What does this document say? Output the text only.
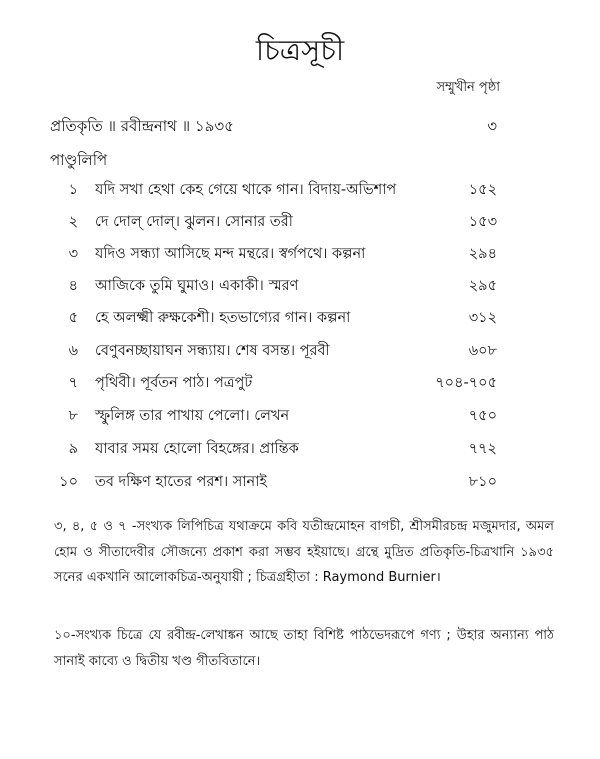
চিত্রসূচী
সম্মুখীন পৃষ্ঠা
প্রতিকৃতি ॥ রবীন্দ্রনাথ ॥ ১৯৩৫	৩
পাণ্ডুলিপি
১ যদি সখা হেথা কেহ গেয়ে থাকে গান। বিদায়-অভিশাপ	১৫২
২ দে দোল্ দোল্। ঝুলন। সোনার তরী	১৫৩
৩ যদিও সন্ধ্যা আসিছে মন্দ মন্থরে। স্বর্গপথে। কল্পনা	২৯৪
৪ আজিকে তুমি ঘুমাও। একাকী। স্মরণ	২৯৫
৫ হে অলক্ষ্মী রুক্ষকেশী। হতভাগ্যের গান। কল্পনা	৩১২
৬ বেণুবনচ্ছায়াঘন সন্ধ্যায়। শেষ বসন্ত। পূরবী	৬০৮
৭ পৃথিবী। পূর্বতন পাঠ। পত্রপুট	৭০৪-৭০৫
৮ স্ফুলিঙ্গ তার পাখায় পেলো। লেখন	৭৫০
৯ যাবার সময় হোলো বিহঙ্গের। প্রান্তিক	৭৭২
১০ তব দক্ষিণ হাতের পরশ। সানাই	৮১০
৩, ৪, ৫ ও ৭ -সংখ্যক লিপিচিত্র যথাক্রমে কবি যতীন্দ্রমোহন বাগচী, শ্রীসমীরচন্দ্র মজুমদার, অমল হোম ও সীতাদেবীর সৌজন্যে প্রকাশ করা সম্ভব হইয়াছে। গ্রন্থে মুদ্রিত প্রতিকৃতি-চিত্রখানি ১৯৩৫ সনের একখানি আলোকচিত্র-অনুযায়ী ; চিত্রগ্রহীতা : Raymond Burnier।
১০-সংখ্যক চিত্রে যে রবীন্দ্র-লেখাঙ্কন আছে তাহা বিশিষ্ট পাঠভেদরূপে গণ্য ; উহার অন্যান্য পাঠ সানাই কাব্যে ও দ্বিতীয় খণ্ড গীতবিতানে।
